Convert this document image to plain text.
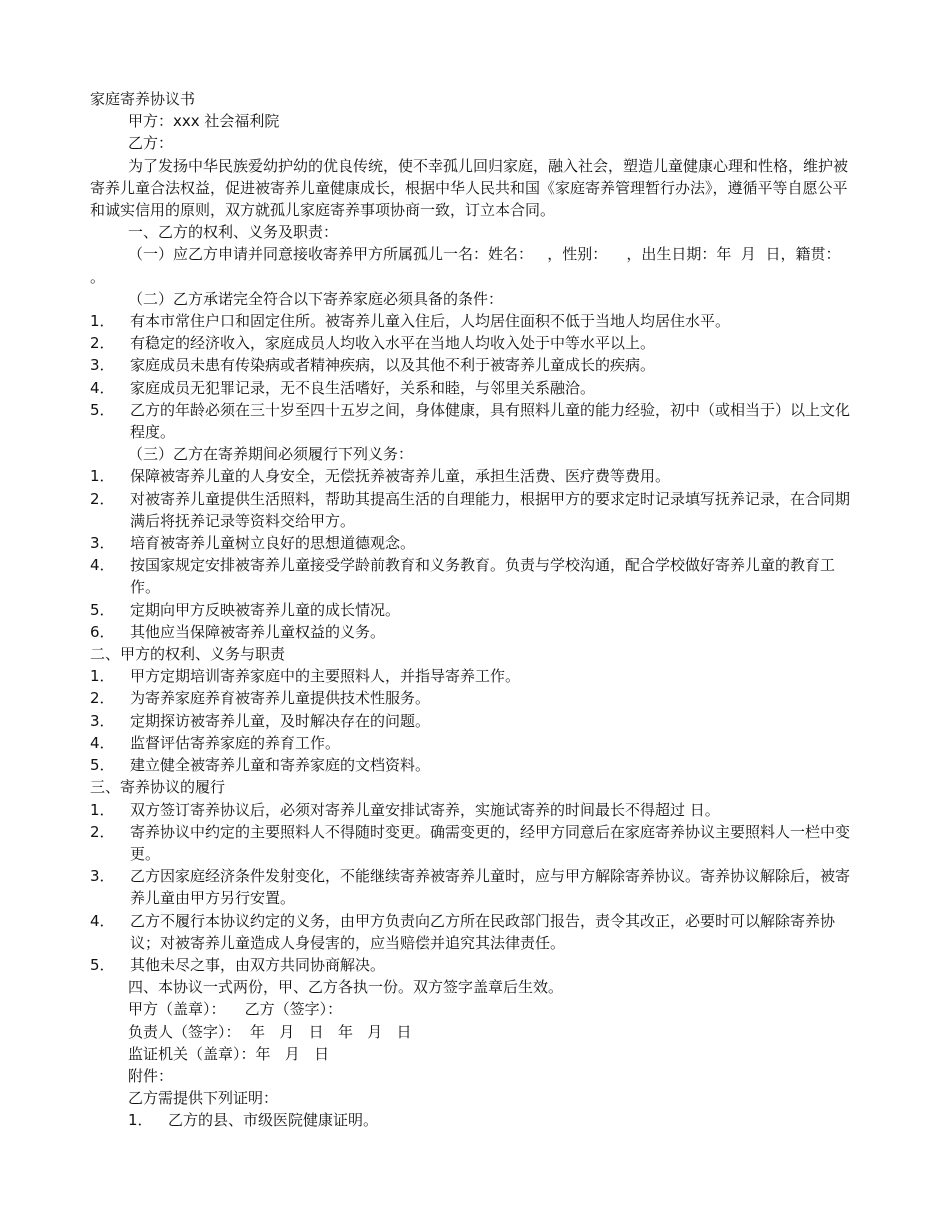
家庭寄养协议书

甲方：xxx 社会福利院

乙方：

为了发扬中华民族爱幼护幼的优良传统，使不幸孤儿回归家庭，融入社会，塑造儿童健康心理和性格，维护被寄养儿童合法权益，促进被寄养儿童健康成长，根据中华人民共和国《家庭寄养管理暂行办法》，遵循平等自愿公平和诚实信用的原则，双方就孤儿家庭寄养事项协商一致，订立本合同。

一、乙方的权利、义务及职责：

（一）应乙方申请并同意接收寄养甲方所属孤儿一名：姓名：   ，性别：    ，出生日期：年  月  日，籍贯：    。

（二）乙方承诺完全符合以下寄养家庭必须具备的条件：

1．	有本市常住户口和固定住所。被寄养儿童入住后，人均居住面积不低于当地人均居住水平。
2．	有稳定的经济收入，家庭成员人均收入水平在当地人均收入处于中等水平以上。
3．	家庭成员未患有传染病或者精神疾病，以及其他不利于被寄养儿童成长的疾病。
4．	家庭成员无犯罪记录，无不良生活嗜好，关系和睦，与邻里关系融洽。
5．	乙方的年龄必须在三十岁至四十五岁之间，身体健康，具有照料儿童的能力经验，初中（或相当于）以上文化程度。

（三）乙方在寄养期间必须履行下列义务：

1．	保障被寄养儿童的人身安全，无偿抚养被寄养儿童，承担生活费、医疗费等费用。
2．	对被寄养儿童提供生活照料，帮助其提高生活的自理能力，根据甲方的要求定时记录填写抚养记录，在合同期满后将抚养记录等资料交给甲方。
3．	培育被寄养儿童树立良好的思想道德观念。
4．	按国家规定安排被寄养儿童接受学龄前教育和义务教育。负责与学校沟通，配合学校做好寄养儿童的教育工作。
5．	定期向甲方反映被寄养儿童的成长情况。
6．	其他应当保障被寄养儿童权益的义务。

二、甲方的权利、义务与职责

1．	甲方定期培训寄养家庭中的主要照料人，并指导寄养工作。
2．	为寄养家庭养育被寄养儿童提供技术性服务。
3．	定期探访被寄养儿童，及时解决存在的问题。
4．	监督评估寄养家庭的养育工作。
5．	建立健全被寄养儿童和寄养家庭的文档资料。

三、寄养协议的履行

1．	双方签订寄养协议后，必须对寄养儿童安排试寄养，实施试寄养的时间最长不得超过 日。
2．	寄养协议中约定的主要照料人不得随时变更。确需变更的，经甲方同意后在家庭寄养协议主要照料人一栏中变更。
3．	乙方因家庭经济条件发射变化，不能继续寄养被寄养儿童时，应与甲方解除寄养协议。寄养协议解除后，被寄养儿童由甲方另行安置。
4．	乙方不履行本协议约定的义务，由甲方负责向乙方所在民政部门报告，责令其改正，必要时可以解除寄养协议；对被寄养儿童造成人身侵害的，应当赔偿并追究其法律责任。
5．	其他未尽之事，由双方共同协商解决。

四、本协议一式两份，甲、乙方各执一份。双方签字盖章后生效。

甲方（盖章）：    乙方（签字）：

负责人（签字）：  年   月   日   年   月   日

监证机关（盖章）：年   月   日

附件：

乙方需提供下列证明：

1．	乙方的县、市级医院健康证明。
